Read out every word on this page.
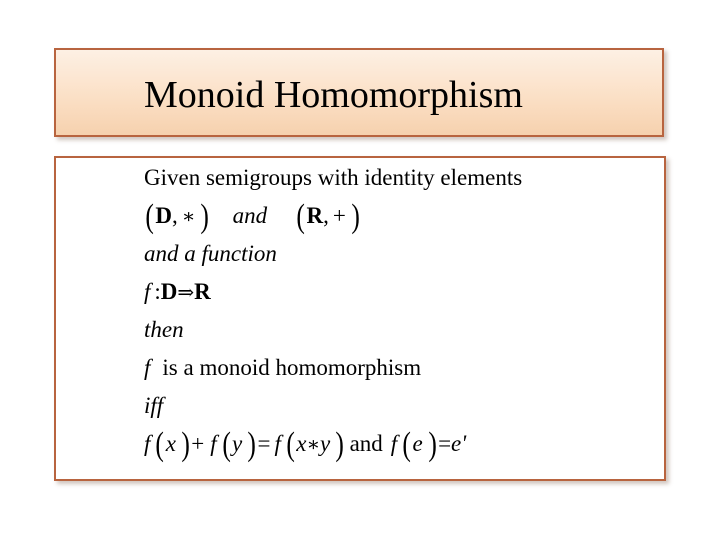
Monoid Homomorphism
Given semigroups with identity elements
(D, ∗ ) and (R, + )
and a function
f :D⇒R
then
f is a monoid homomorphism
iff
f (x )+ f (y )= f (x∗y ) and f (e )=e'
